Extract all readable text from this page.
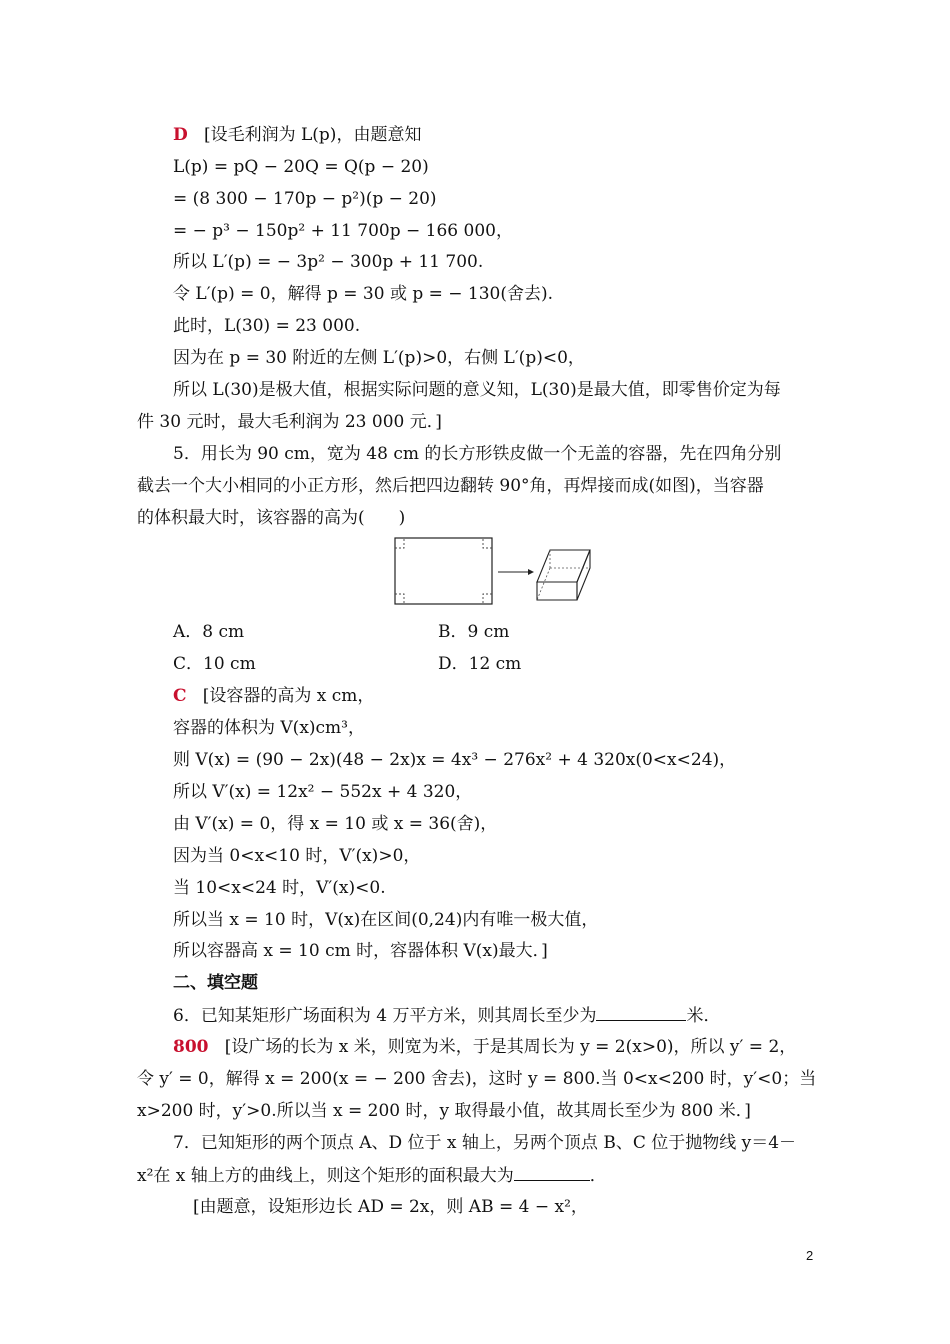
D [设毛利润为 L(p)，由题意知
L(p) = pQ − 20Q = Q(p − 20)
= (8 300 − 170p − p²)(p − 20)
= − p³ − 150p² + 11 700p − 166 000，
所以 L′(p) = − 3p² − 300p + 11 700.
令 L′(p) = 0，解得 p = 30 或 p = − 130(舍去).
此时，L(30) = 23 000.
因为在 p = 30 附近的左侧 L′(p)>0，右侧 L′(p)<0，
所以 L(30)是极大值，根据实际问题的意义知，L(30)是最大值，即零售价定为每
件 30 元时，最大毛利润为 23 000 元．]
5．用长为 90 cm，宽为 48 cm 的长方形铁皮做一个无盖的容器，先在四角分别
截去一个大小相同的小正方形，然后把四边翻转 90°角，再焊接而成(如图)，当容器
的体积最大时，该容器的高为(　　)
A．8 cm	B．9 cm
C．10 cm	D．12 cm
C [设容器的高为 x cm，
容器的体积为 V(x)cm³，
则 V(x) = (90 − 2x)(48 − 2x)x = 4x³ − 276x² + 4 320x(0<x<24)，
所以 V′(x) = 12x² − 552x + 4 320，
由 V′(x) = 0，得 x = 10 或 x = 36(舍)，
因为当 0<x<10 时，V′(x)>0，
当 10<x<24 时，V′(x)<0.
所以当 x = 10 时，V(x)在区间(0,24)内有唯一极大值，
所以容器高 x = 10 cm 时，容器体积 V(x)最大．]
二、填空题
6．已知某矩形广场面积为 4 万平方米，则其周长至少为	米．
800 [设广场的长为 x 米，则宽为米，于是其周长为 y = 2(x>0)，所以 y′ = 2，
令 y′ = 0，解得 x = 200(x = − 200 舍去)，这时 y = 800.当 0<x<200 时，y′<0；当
x>200 时，y′>0.所以当 x = 200 时，y 取得最小值，故其周长至少为 800 米．]
7．已知矩形的两个顶点 A、D 位于 x 轴上，另两个顶点 B、C 位于抛物线 y＝4－
x²在 x 轴上方的曲线上，则这个矩形的面积最大为	．
[由题意，设矩形边长 AD = 2x，则 AB = 4 − x²，
2
